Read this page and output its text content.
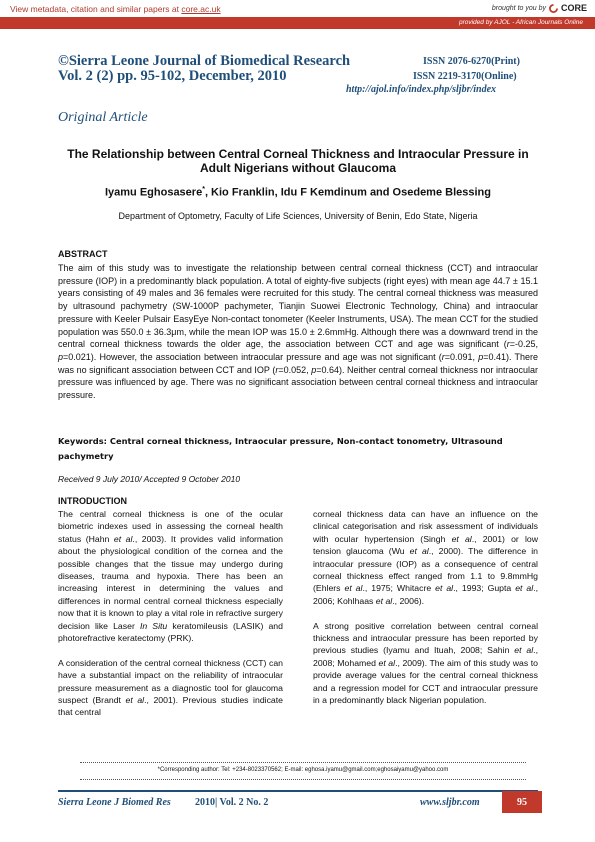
View metadata, citation and similar papers at core.ac.uk	brought to you by CORE
provided by AJOL - African Journals Online
©Sierra Leone Journal of Biomedical Research
Vol. 2 (2) pp. 95-102, December, 2010
ISSN 2076-6270(Print)
ISSN 2219-3170(Online)
http://ajol.info/index.php/sljbr/index
Original Article
The Relationship between Central Corneal Thickness and Intraocular Pressure in Adult Nigerians without Glaucoma
Iyamu Eghosasere*, Kio Franklin, Idu F Kemdinum and Osedeme Blessing
Department of Optometry, Faculty of Life Sciences, University of Benin, Edo State, Nigeria
ABSTRACT
The aim of this study was to investigate the relationship between central corneal thickness (CCT) and intraocular pressure (IOP) in a predominantly black population. A total of eighty-five subjects (right eyes) with mean age 44.7 ± 15.1 years consisting of 49 males and 36 females were recruited for this study. The central corneal thickness was measured by ultrasound pachymetry (SW-1000P pachymeter, Tianjin Suowei Electronic Technology, China) and intraocular pressure with Keeler Pulsair EasyEye Non-contact tonometer (Keeler Instruments, USA). The mean CCT for the studied population was 550.0 ± 36.3μm, while the mean IOP was 15.0 ± 2.6mmHg. Although there was a downward trend in the central corneal thickness towards the older age, the association between CCT and age was significant (r=-0.25, p=0.021). However, the association between intraocular pressure and age was not significant (r=0.091, p=0.41). There was no significant association between CCT and IOP (r=0.052, p=0.64). Neither central corneal thickness nor intraocular pressure was influenced by age. There was no significant association between central corneal thickness and intraocular pressure.
Keywords: Central corneal thickness, Intraocular pressure, Non-contact tonometry, Ultrasound pachymetry
Received 9 July 2010/ Accepted 9 October 2010
INTRODUCTION

The central corneal thickness is one of the ocular biometric indexes used in assessing the corneal health status (Hahn et al., 2003). It provides valid information about the physiological condition of the cornea and the possible changes that the tissue may undergo during diseases, trauma and hypoxia. There has been an increasing interest in determining the values and differences in normal central corneal thickness especially now that it is known to play a vital role in refractive surgery decision like Laser In Situ keratomileusis (LASIK) and photorefractive keratectomy (PRK).

A consideration of the central corneal thickness (CCT) can have a substantial impact on the reliability of intraocular pressure measurement as a diagnostic tool for glaucoma suspect (Brandt et al., 2001). Previous studies indicate that central

corneal thickness data can have an influence on the clinical categorisation and risk assessment of individuals with ocular hypertension (Singh et al., 2001) or low tension glaucoma (Wu et al., 2000). The difference in intraocular pressure (IOP) as a consequence of central corneal thickness effect ranged from 1.1 to 9.8mmHg (Ehlers et al., 1975; Whitacre et al., 1993; Gupta et al., 2006; Kohlhaas et al., 2006).

A strong positive correlation between central corneal thickness and intraocular pressure has been reported by previous studies (Iyamu and Ituah, 2008; Sahin et al., 2008; Mohamed et al., 2009). The aim of this study was to provide average values for the central corneal thickness and a regression model for CCT and intraocular pressure in a predominantly black Nigerian population.

*Corresponding author: Tel: +234-8023370562; E-mail: eghosa.iyamu@gmail.com;eghosaiyamu@yahoo.com
Sierra Leone J Biomed Res 2010| Vol. 2 No. 2	www.sljbr.com	95
